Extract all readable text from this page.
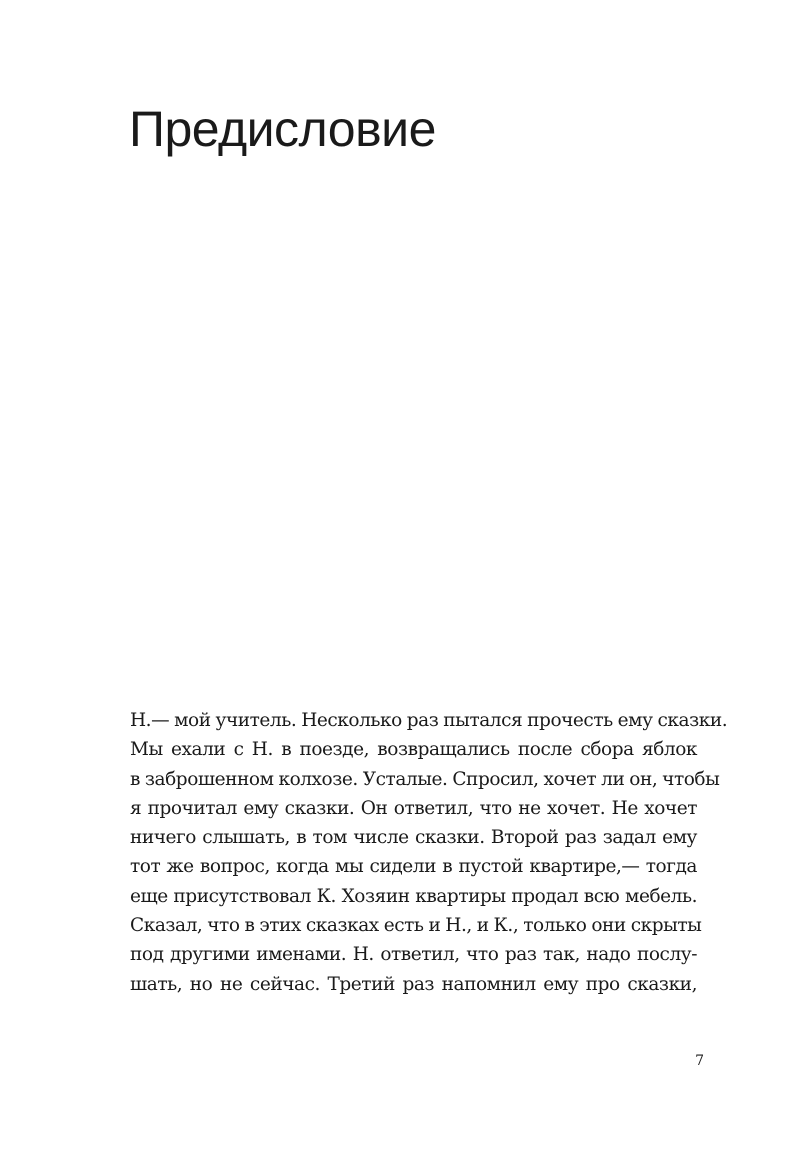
Предисловие
Н.— мой учитель. Несколько раз пытался прочесть ему сказки.
Мы ехали с Н. в поезде, возвращались после сбора яблок
в заброшенном колхозе. Усталые. Спросил, хочет ли он, чтобы
я прочитал ему сказки. Он ответил, что не хочет. Не хочет
ничего слышать, в том числе сказки. Второй раз задал ему
тот же вопрос, когда мы сидели в пустой квартире,— тогда
еще присутствовал К. Хозяин квартиры продал всю мебель.
Сказал, что в этих сказках есть и Н., и К., только они скрыты
под другими именами. Н. ответил, что раз так, надо послу-
шать, но не сейчас. Третий раз напомнил ему про сказки,
7
